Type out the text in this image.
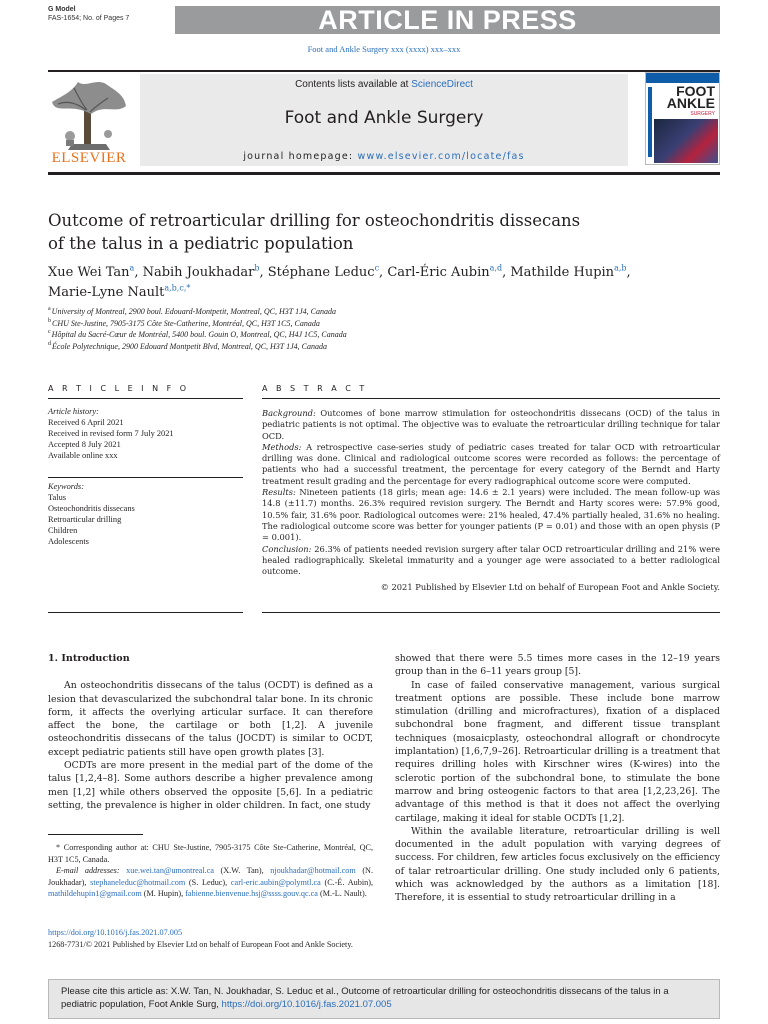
G Model
FAS-1654; No. of Pages 7	ARTICLE IN PRESS
Foot and Ankle Surgery xxx (xxxx) xxx–xxx
ELSEVIER
Contents lists available at ScienceDirect
Foot and Ankle Surgery
journal homepage: www.elsevier.com/locate/fas
FOOT
ANKLE
SURGERY
Outcome of retroarticular drilling for osteochondritis dissecans
of the talus in a pediatric population
Xue Wei Tan$^a$, Nabih Joukhadar$^b$, Stéphane Leduc$^c$, Carl-Éric Aubin$^{a,d}$, Mathilde Hupin$^{a,b}$,
Marie-Lyne Nault$^{a,b,c,*}$
$^a$University of Montreal, 2900 boul. Edouard-Montpetit, Montreal, QC, H3T 1J4, Canada
$^b$CHU Ste-Justine, 7905-3175 Côte Ste-Catherine, Montréal, QC, H3T 1C5, Canada
$^c$Hôpital du Sacré-Cœur de Montréal, 5400 boul. Gouin O, Montreal, QC, H4J 1C5, Canada
$^d$École Polytechnique, 2900 Edouard Montpetit Blvd, Montreal, QC, H3T 1J4, Canada
A R T I C L E I N F O	A B S T R A C T
Article history:
Received 6 April 2021
Received in revised form 7 July 2021
Accepted 8 July 2021
Available online xxx
Keywords:
Talus
Osteochondritis dissecans
Retroarticular drilling
Children
Adolescents

Background: Outcomes of bone marrow stimulation for osteochondritis dissecans (OCD) of the talus in pediatric patients is not optimal. The objective was to evaluate the retroarticular drilling technique for talar OCD.

Methods: A retrospective case-series study of pediatric cases treated for talar OCD with retroarticular drilling was done. Clinical and radiological outcome scores were recorded as follows: the percentage of patients who had a successful treatment, the percentage for every category of the Berndt and Harty treatment result grading and the percentage for every radiographical outcome score were computed.

Results: Nineteen patients (18 girls; mean age: 14.6 ± 2.1 years) were included. The mean follow-up was 14.8 (±11.7) months. 26.3% required revision surgery. The Berndt and Harty scores were: 57.9% good, 10.5% fair, 31.6% poor. Radiological outcomes were: 21% healed, 47.4% partially healed, 31.6% no healing. The radiological outcome score was better for younger patients (P = 0.01) and those with an open physis (P = 0.001).

Conclusion: 26.3% of patients needed revision surgery after talar OCD retroarticular drilling and 21% were healed radiographically. Skeletal immaturity and a younger age were associated to a better radiological outcome.

© 2021 Published by Elsevier Ltd on behalf of European Foot and Ankle Society.

1. Introduction

An osteochondritis dissecans of the talus (OCDT) is defined as a lesion that devascularized the subchondral talar bone. In its chronic form, it affects the overlying articular surface. It can therefore affect the bone, the cartilage or both [1,2]. A juvenile osteochondritis dissecans of the talus (JOCDT) is similar to OCDT, except pediatric patients still have open growth plates [3].

OCDTs are more present in the medial part of the dome of the talus [1,2,4–8]. Some authors describe a higher prevalence among men [1,2] while others observed the opposite [5,6]. In a pediatric setting, the prevalence is higher in older children. In fact, one study

showed that there were 5.5 times more cases in the 12–19 years group than in the 6–11 years group [5].

In case of failed conservative management, various surgical treatment options are possible. These include bone marrow stimulation (drilling and microfractures), fixation of a displaced subchondral bone fragment, and different tissue transplant techniques (mosaicplasty, osteochondral allograft or chondrocyte implantation) [1,6,7,9–26]. Retroarticular drilling is a treatment that requires drilling holes with Kirschner wires (K-wires) into the sclerotic portion of the subchondral bone, to stimulate the bone marrow and bring osteogenic factors to that area [1,2,23,26]. The advantage of this method is that it does not affect the overlying cartilage, making it ideal for stable OCDTs [1,2].

Within the available literature, retroarticular drilling is well documented in the adult population with varying degrees of success. For children, few articles focus exclusively on the efficiency of talar retroarticular drilling. One study included only 6 patients, which was acknowledged by the authors as a limitation [18]. Therefore, it is essential to study retroarticular drilling in a

* Corresponding author at: CHU Ste-Justine, 7905-3175 Côte Ste-Catherine, Montréal, QC, H3T 1C5, Canada.
E-mail addresses: xue.wei.tan@umontreal.ca (X.W. Tan), njoukhadar@hotmail.com (N. Joukhadar), stephaneleduc@hotmail.com (S. Leduc), carl-eric.aubin@polymtl.ca (C.-É. Aubin), mathildehupin1@gmail.com (M. Hupin), fabienne.bienvenue.hsj@ssss.gouv.qc.ca (M.-L. Nault).
https://doi.org/10.1016/j.fas.2021.07.005
1268-7731/© 2021 Published by Elsevier Ltd on behalf of European Foot and Ankle Society.
Please cite this article as: X.W. Tan, N. Joukhadar, S. Leduc et al., Outcome of retroarticular drilling for osteochondritis dissecans of the talus in a pediatric population, Foot Ankle Surg, https://doi.org/10.1016/j.fas.2021.07.005
